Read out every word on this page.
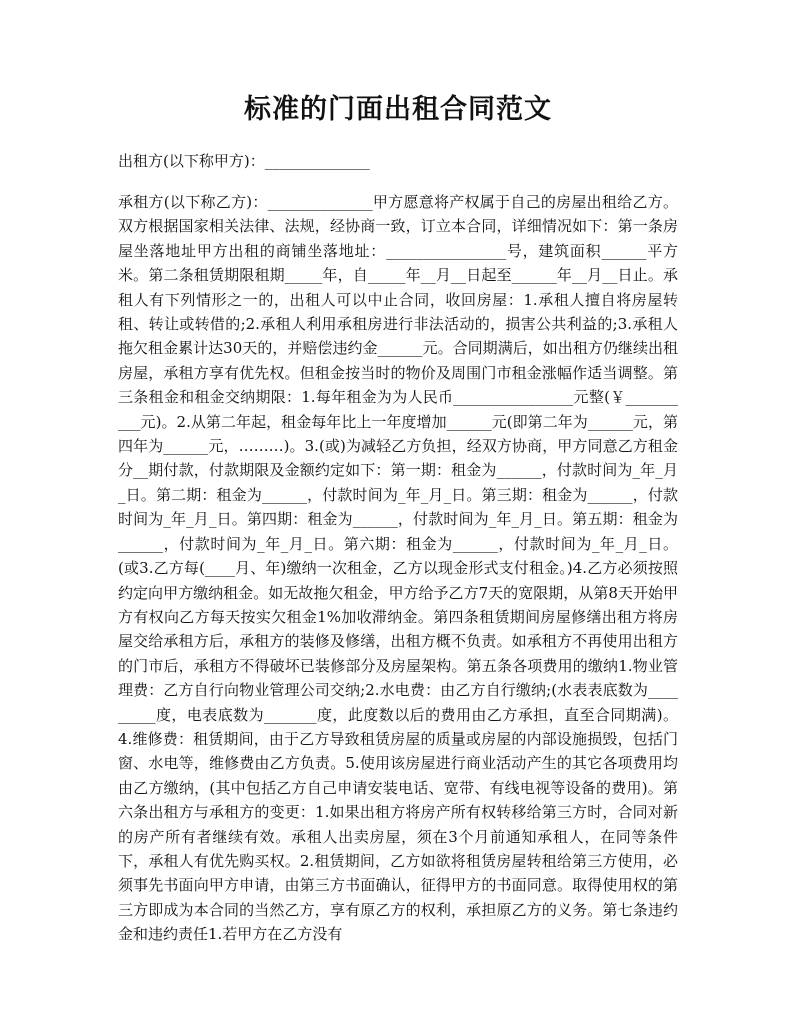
标准的门面出租合同范文

出租方(以下称甲方)：______________

承租方(以下称乙方)：______________甲方愿意将产权属于自己的房屋出租给乙方。双方根据国家相关法律、法规，经协商一致，订立本合同，详细情况如下：第一条房屋坐落地址甲方出租的商铺坐落地址：________________号，建筑面积______平方米。第二条租赁期限租期_____年，自_____年__月__日起至______年__月__日止。承租人有下列情形之一的，出租人可以中止合同，收回房屋：1.承租人擅自将房屋转租、转让或转借的;2.承租人利用承租房进行非法活动的，损害公共利益的;3.承租人拖欠租金累计达30天的，并赔偿违约金______元。合同期满后，如出租方仍继续出租房屋，承租方享有优先权。但租金按当时的物价及周围门市租金涨幅作适当调整。第三条租金和租金交纳期限：1.每年租金为为人民币________________元整(￥__________元)。2.从第二年起，租金每年比上一年度增加______元(即第二年为______元，第四年为______元，………)。3.(或)为减轻乙方负担，经双方协商，甲方同意乙方租金分__期付款，付款期限及金额约定如下：第一期：租金为______，付款时间为_年_月_日。第二期：租金为______，付款时间为_年_月_日。第三期：租金为______，付款时间为_年_月_日。第四期：租金为______，付款时间为_年_月_日。第五期：租金为______，付款时间为_年_月_日。第六期：租金为______，付款时间为_年_月_日。(或3.乙方每(____月、年)缴纳一次租金，乙方以现金形式支付租金。)4.乙方必须按照约定向甲方缴纳租金。如无故拖欠租金，甲方给予乙方7天的宽限期，从第8天开始甲方有权向乙方每天按实欠租金1%加收滞纳金。第四条租赁期间房屋修缮出租方将房屋交给承租方后，承租方的装修及修缮，出租方概不负责。如承租方不再使用出租方的门市后，承租方不得破坏已装修部分及房屋架构。第五条各项费用的缴纳1.物业管理费：乙方自行向物业管理公司交纳;2.水电费：由乙方自行缴纳;(水表表底数为_________度，电表底数为_______度，此度数以后的费用由乙方承担，直至合同期满)。4.维修费：租赁期间，由于乙方导致租赁房屋的质量或房屋的内部设施损毁，包括门窗、水电等，维修费由乙方负责。5.使用该房屋进行商业活动产生的其它各项费用均由乙方缴纳，(其中包括乙方自己申请安装电话、宽带、有线电视等设备的费用)。第六条出租方与承租方的变更：1.如果出租方将房产所有权转移给第三方时，合同对新的房产所有者继续有效。承租人出卖房屋，须在3个月前通知承租人，在同等条件下，承租人有优先购买权。2.租赁期间，乙方如欲将租赁房屋转租给第三方使用，必须事先书面向甲方申请，由第三方书面确认，征得甲方的书面同意。取得使用权的第三方即成为本合同的当然乙方，享有原乙方的权利，承担原乙方的义务。第七条违约金和违约责任1.若甲方在乙方没有
